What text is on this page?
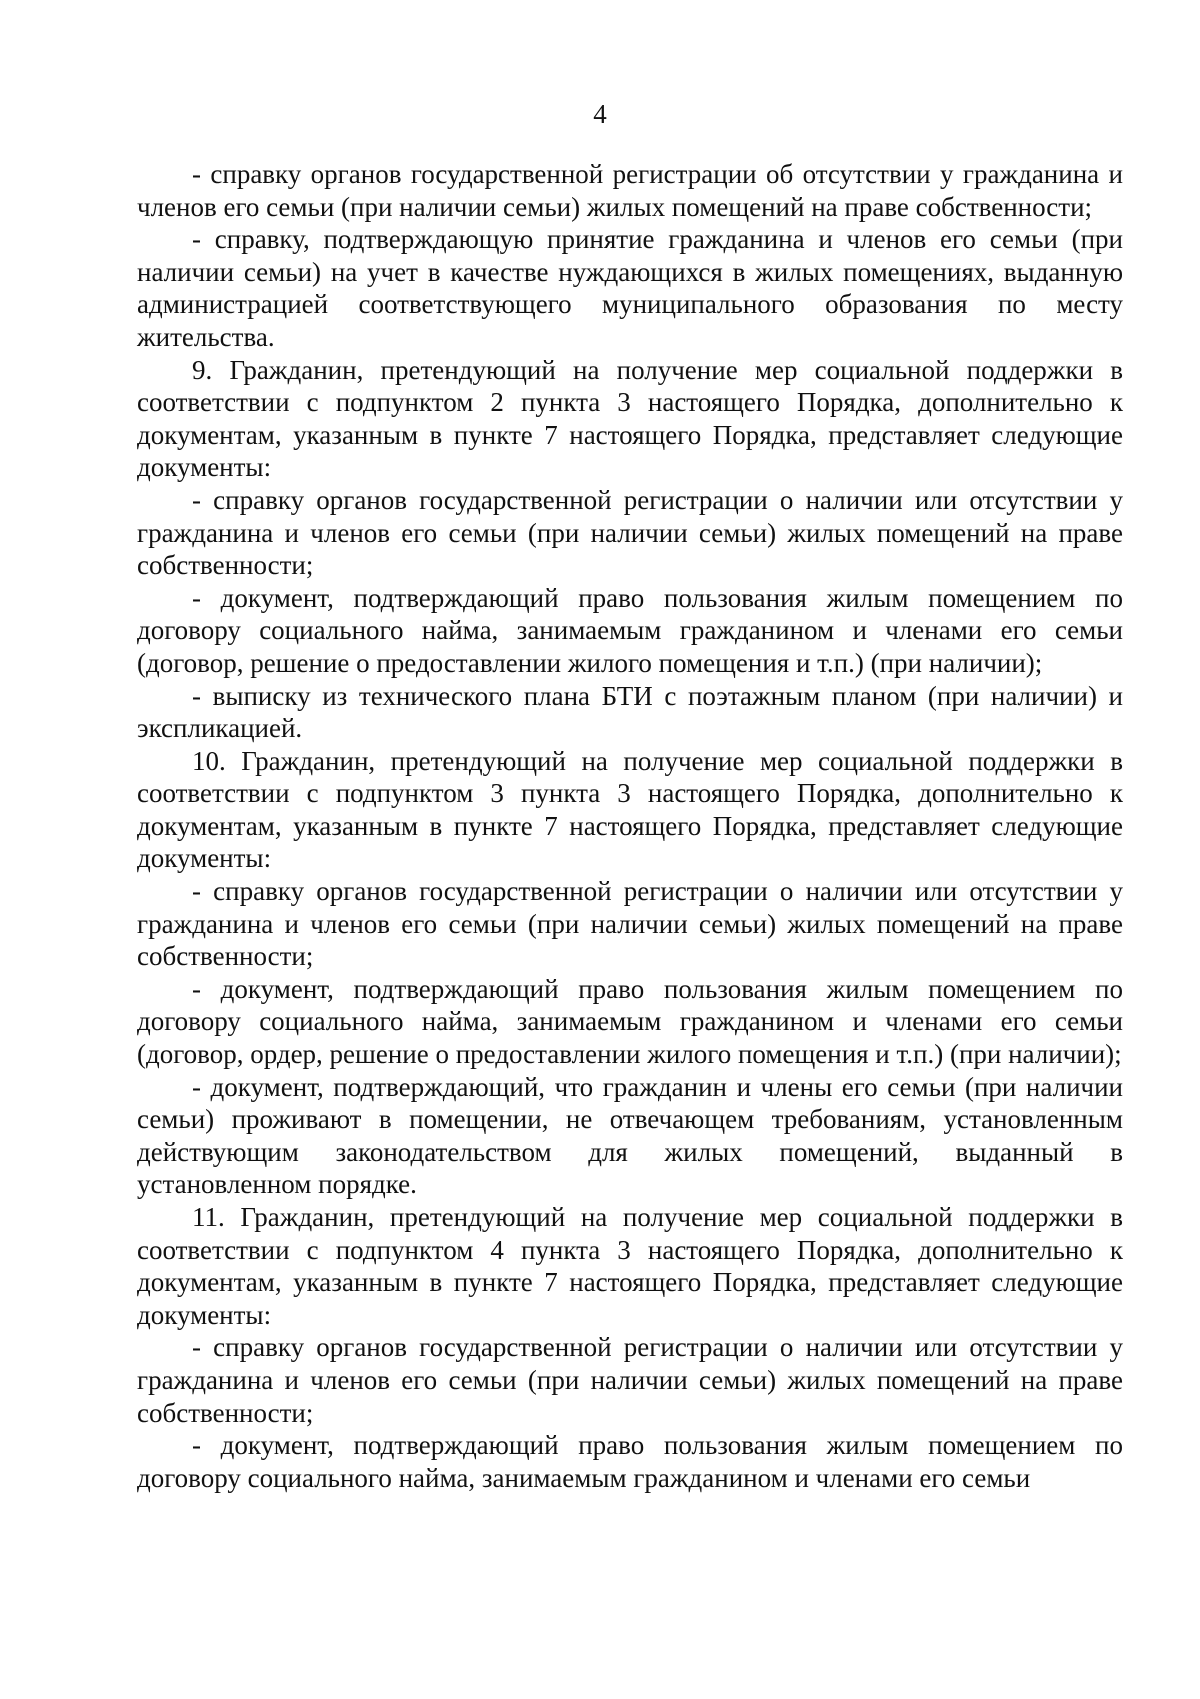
4

- справку органов государственной регистрации об отсутствии у гражданина и членов его семьи (при наличии семьи) жилых помещений на праве собственности;

- справку, подтверждающую принятие гражданина и членов его семьи (при наличии семьи) на учет в качестве нуждающихся в жилых помещениях, выданную администрацией соответствующего муниципального образования по месту жительства.

9. Гражданин, претендующий на получение мер социальной поддержки в соответствии с подпунктом 2 пункта 3 настоящего Порядка, дополнительно к документам, указанным в пункте 7 настоящего Порядка, представляет следующие документы:

- справку органов государственной регистрации о наличии или отсутствии у гражданина и членов его семьи (при наличии семьи) жилых помещений на праве собственности;

- документ, подтверждающий право пользования жилым помещением по договору социального найма, занимаемым гражданином и членами его семьи (договор, решение о предоставлении жилого помещения и т.п.) (при наличии);

- выписку из технического плана БТИ с поэтажным планом (при наличии) и экспликацией.

10. Гражданин, претендующий на получение мер социальной поддержки в соответствии с подпунктом 3 пункта 3 настоящего Порядка, дополнительно к документам, указанным в пункте 7 настоящего Порядка, представляет следующие документы:

- справку органов государственной регистрации о наличии или отсутствии у гражданина и членов его семьи (при наличии семьи) жилых помещений на праве собственности;

- документ, подтверждающий право пользования жилым помещением по договору социального найма, занимаемым гражданином и членами его семьи (договор, ордер, решение о предоставлении жилого помещения и т.п.) (при наличии);

- документ, подтверждающий, что гражданин и члены его семьи (при наличии семьи) проживают в помещении, не отвечающем требованиям, установленным действующим законодательством для жилых помещений, выданный в установленном порядке.

11. Гражданин, претендующий на получение мер социальной поддержки в соответствии с подпунктом 4 пункта 3 настоящего Порядка, дополнительно к документам, указанным в пункте 7 настоящего Порядка, представляет следующие документы:

- справку органов государственной регистрации о наличии или отсутствии у гражданина и членов его семьи (при наличии семьи) жилых помещений на праве собственности;

- документ, подтверждающий право пользования жилым помещением по договору социального найма, занимаемым гражданином и членами его семьи
